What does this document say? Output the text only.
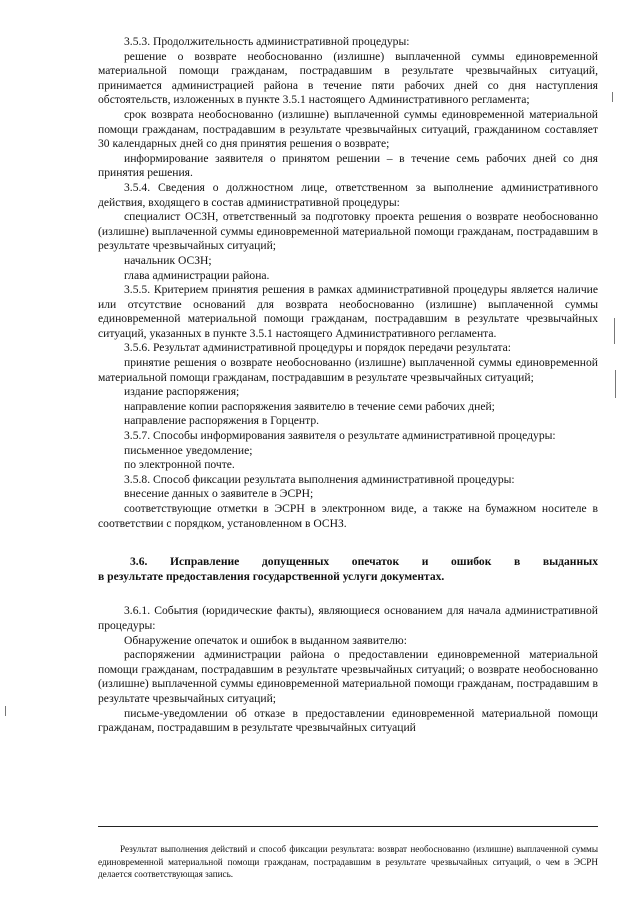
3.5.3. Продолжительность административной процедуры:

решение о возврате необоснованно (излишне) выплаченной суммы единовременной материальной помощи гражданам, пострадавшим в результате чрезвычайных ситуаций, принимается администрацией района в течение пяти рабочих дней со дня наступления обстоятельств, изложенных в пункте 3.5.1 настоящего Административного регламента;

срок возврата необоснованно (излишне) выплаченной суммы единовременной материальной помощи гражданам, пострадавшим в результате чрезвычайных ситуаций, гражданином составляет 30 календарных дней со дня принятия решения о возврате;

информирование заявителя о принятом решении – в течение семь рабочих дней со дня принятия решения.

3.5.4. Сведения о должностном лице, ответственном за выполнение административного действия, входящего в состав административной процедуры:

специалист ОСЗН, ответственный за подготовку проекта решения о возврате необоснованно (излишне) выплаченной суммы единовременной материальной помощи гражданам, пострадавшим в результате чрезвычайных ситуаций;

начальник ОСЗН;

глава администрации района.

3.5.5. Критерием принятия решения в рамках административной процедуры является наличие или отсутствие оснований для возврата необоснованно (излишне) выплаченной суммы единовременной материальной помощи гражданам, пострадавшим в результате чрезвычайных ситуаций, указанных в пункте 3.5.1 настоящего Административного регламента.

3.5.6. Результат административной процедуры и порядок передачи результата:

принятие решения о возврате необоснованно (излишне) выплаченной суммы единовременной материальной помощи гражданам, пострадавшим в результате чрезвычайных ситуаций;

издание распоряжения;

направление копии распоряжения заявителю в течение семи рабочих дней;

направление распоряжения в Горцентр.

3.5.7. Способы информирования заявителя о результате административной процедуры:

письменное уведомление;

по электронной почте.

3.5.8. Способ фиксации результата выполнения административной процедуры:

внесение данных о заявителе в ЭСРН;

соответствующие отметки в ЭСРН в электронном виде, а также на бумажном носителе в соответствии с порядком, установленном в ОСНЗ.

3.6. Исправление допущенных опечаток и ошибок в выданных
в результате предоставления государственной услуги документах.

3.6.1. События (юридические факты), являющиеся основанием для начала административной процедуры:

Обнаружение опечаток и ошибок в выданном заявителю:

распоряжении администрации района о предоставлении единовременной материальной помощи гражданам, пострадавшим в результате чрезвычайных ситуаций; о возврате необоснованно (излишне) выплаченной суммы единовременной материальной помощи гражданам, пострадавшим в результате чрезвычайных ситуаций;

письме-уведомлении об отказе в предоставлении единовременной материальной помощи гражданам, пострадавшим в результате чрезвычайных ситуаций

Результат выполнения действий и способ фиксации результата: возврат необоснованно (излишне) выплаченной суммы единовременной материальной помощи гражданам, пострадавшим в результате чрезвычайных ситуаций, о чем в ЭСРН делается соответствующая запись.
